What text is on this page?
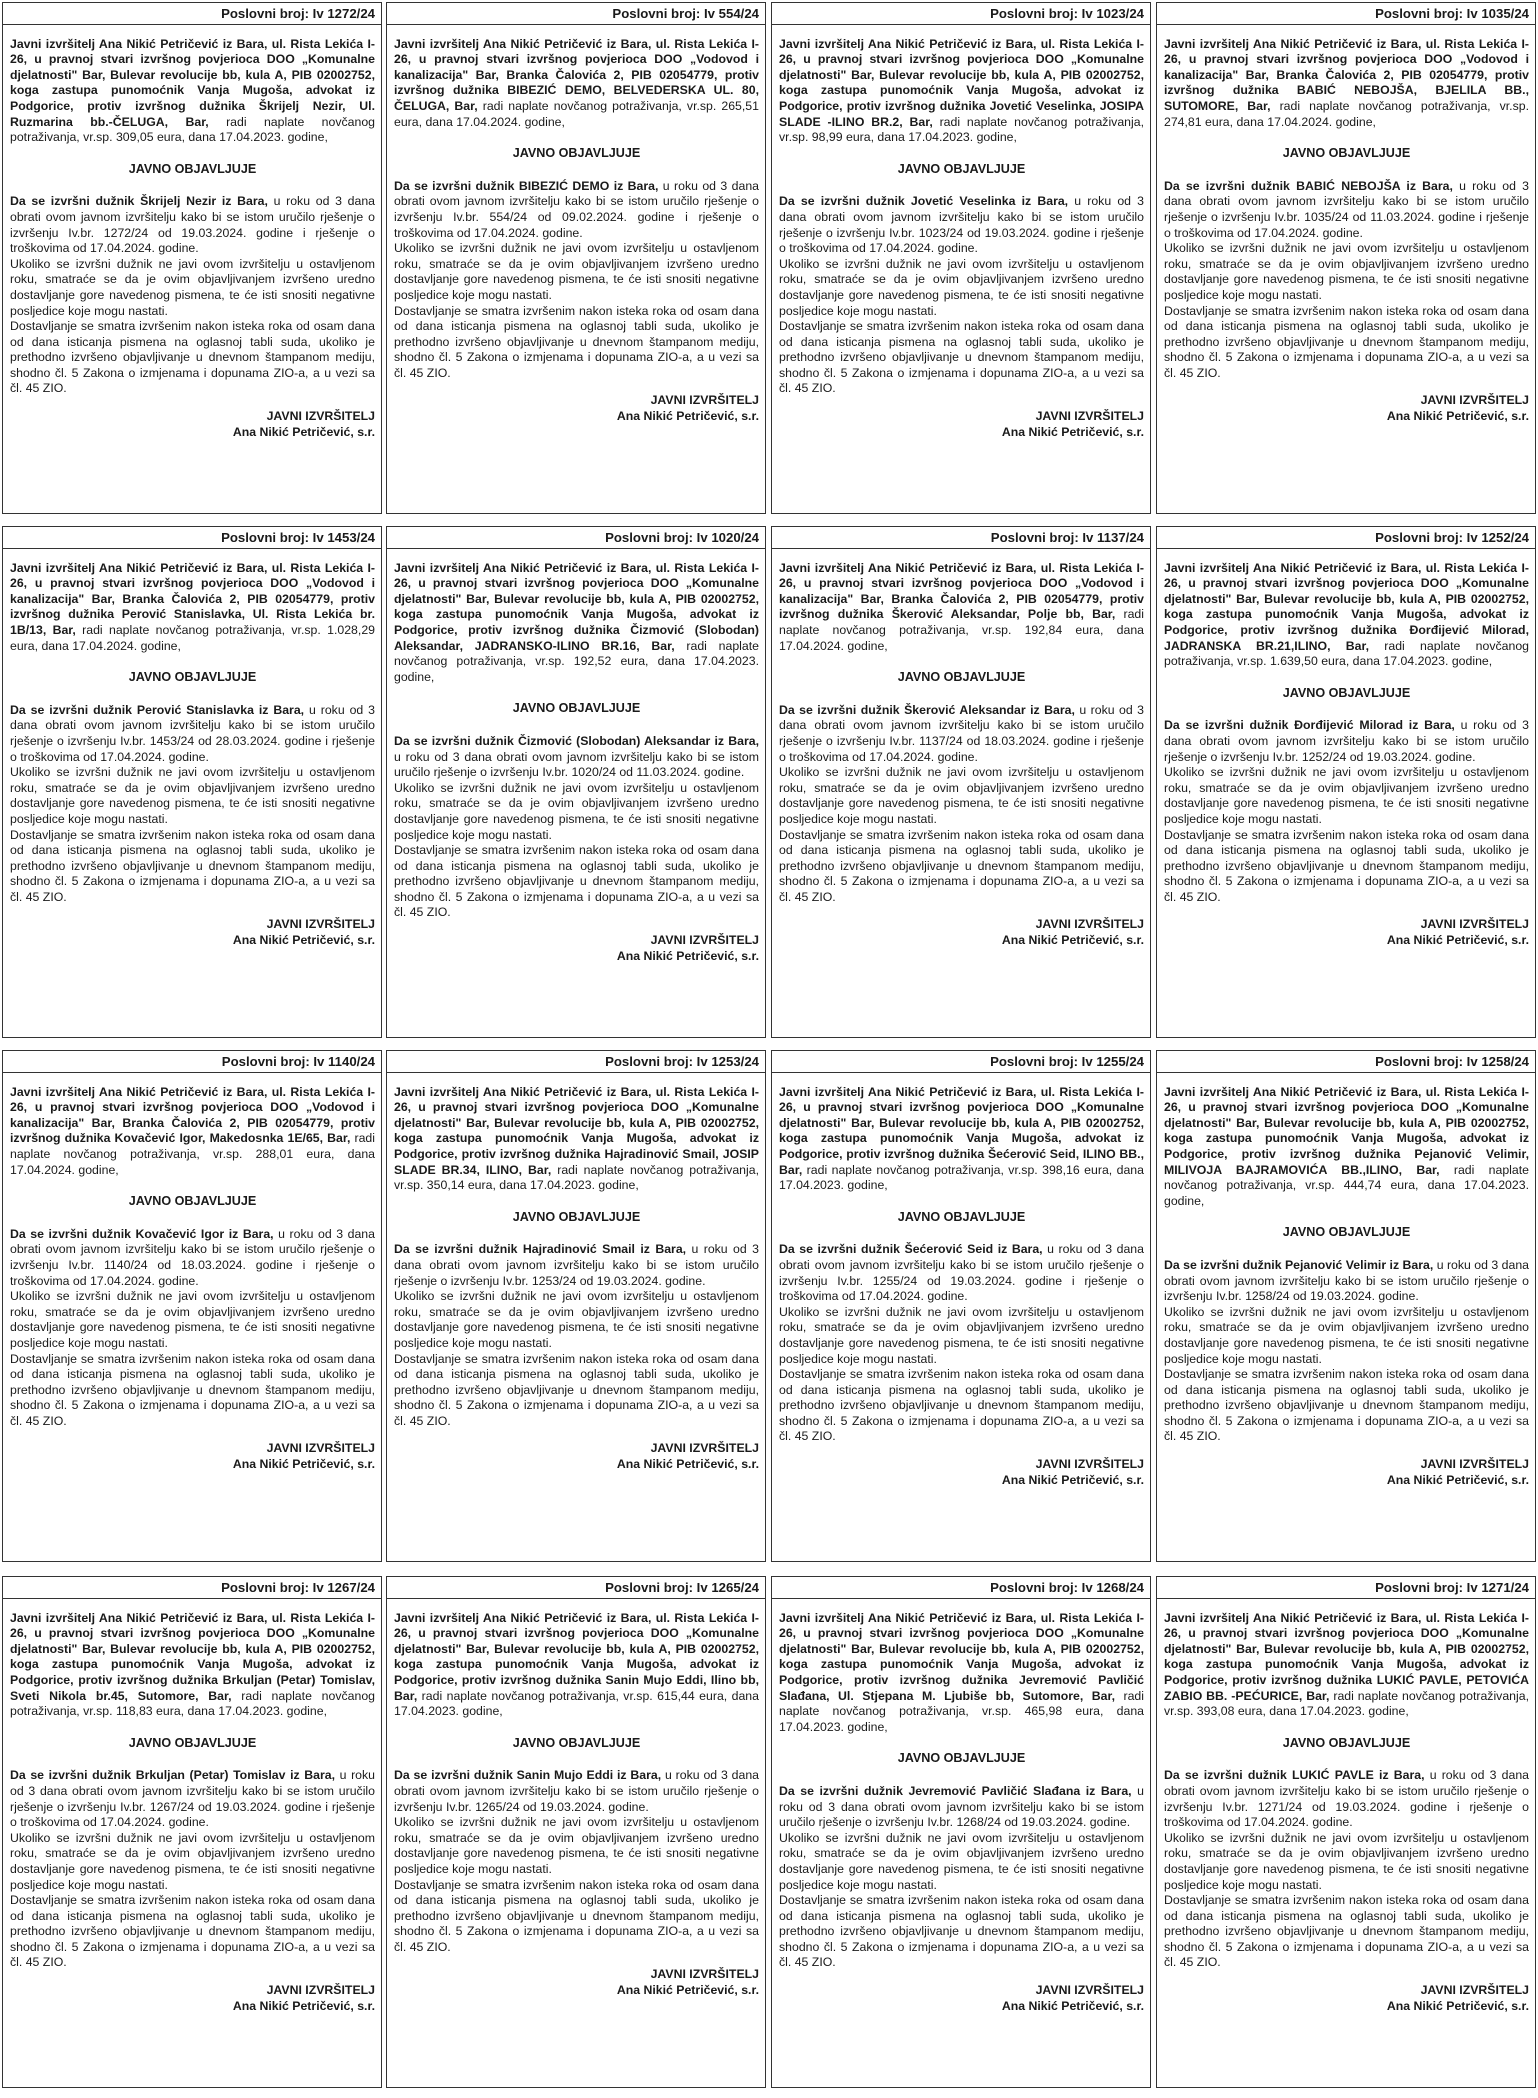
Poslovni broj: Iv 1272/24

Javni izvršitelj Ana Nikić Petričević iz Bara, ul. Rista Lekića I-26, u pravnoj stvari izvršnog povjerioca DOO „Komunalne djelatnosti" Bar, Bulevar revolucije bb, kula A, PIB 02002752, koga zastupa punomoćnik Vanja Mugoša, advokat iz Podgorice, protiv izvršnog dužnika Škrijelj Nezir, Ul. Ruzmarina bb.-ČELUGA, Bar, radi naplate novčanog potraživanja, vr.sp. 309,05 eura, dana 17.04.2023. godine,

JAVNO OBJAVLJUJE

Da se izvršni dužnik Škrijelj Nezir iz Bara, u roku od 3 dana obrati ovom javnom izvršitelju kako bi se istom uručilo rješenje o izvršenju Iv.br. 1272/24 od 19.03.2024. godine i rješenje o troškovima od 17.04.2024. godine.

Ukoliko se izvršni dužnik ne javi ovom izvršitelju u ostavljenom roku, smatraće se da je ovim objavljivanjem izvršeno uredno dostavljanje gore navedenog pismena, te će isti snositi negativne posljedice koje mogu nastati.

Dostavljanje se smatra izvršenim nakon isteka roka od osam dana od dana isticanja pismena na oglasnoj tabli suda, ukoliko je prethodno izvršeno objavljivanje u dnevnom štampanom mediju, shodno čl. 5 Zakona o izmjenama i dopunama ZIO-a, a u vezi sa čl. 45 ZIO.

JAVNI IZVRŠITELJ
Ana Nikić Petričević, s.r.
Poslovni broj: Iv 554/24

Javni izvršitelj Ana Nikić Petričević iz Bara, ul. Rista Lekića I-26, u pravnoj stvari izvršnog povjerioca DOO „Vodovod i kanalizacija" Bar, Branka Čalovića 2, PIB 02054779, protiv izvršnog dužnika BIBEZIĆ DEMO, BELVEDERSKA UL. 80, ČELUGA, Bar, radi naplate novčanog potraživanja, vr.sp. 265,51 eura, dana 17.04.2024. godine,

JAVNO OBJAVLJUJE

Da se izvršni dužnik BIBEZIĆ DEMO iz Bara, u roku od 3 dana obrati ovom javnom izvršitelju kako bi se istom uručilo rješenje o izvršenju Iv.br. 554/24 od 09.02.2024. godine i rješenje o troškovima od 17.04.2024. godine.

Ukoliko se izvršni dužnik ne javi ovom izvršitelju u ostavljenom roku, smatraće se da je ovim objavljivanjem izvršeno uredno dostavljanje gore navedenog pismena, te će isti snositi negativne posljedice koje mogu nastati.

Dostavljanje se smatra izvršenim nakon isteka roka od osam dana od dana isticanja pismena na oglasnoj tabli suda, ukoliko je prethodno izvršeno objavljivanje u dnevnom štampanom mediju, shodno čl. 5 Zakona o izmjenama i dopunama ZIO-a, a u vezi sa čl. 45 ZIO.

JAVNI IZVRŠITELJ
Ana Nikić Petričević, s.r.
Poslovni broj: Iv 1023/24

Javni izvršitelj Ana Nikić Petričević iz Bara, ul. Rista Lekića I-26, u pravnoj stvari izvršnog povjerioca DOO „Komunalne djelatnosti" Bar, Bulevar revolucije bb, kula A, PIB 02002752, koga zastupa punomoćnik Vanja Mugoša, advokat iz Podgorice, protiv izvršnog dužnika Jovetić Veselinka, JOSIPA SLADE -ILINO BR.2, Bar, radi naplate novčanog potraživanja, vr.sp. 98,99 eura, dana 17.04.2023. godine,

JAVNO OBJAVLJUJE

Da se izvršni dužnik Jovetić Veselinka iz Bara, u roku od 3 dana obrati ovom javnom izvršitelju kako bi se istom uručilo rješenje o izvršenju Iv.br. 1023/24 od 19.03.2024. godine i rješenje o troškovima od 17.04.2024. godine.

Ukoliko se izvršni dužnik ne javi ovom izvršitelju u ostavljenom roku, smatraće se da je ovim objavljivanjem izvršeno uredno dostavljanje gore navedenog pismena, te će isti snositi negativne posljedice koje mogu nastati.

Dostavljanje se smatra izvršenim nakon isteka roka od osam dana od dana isticanja pismena na oglasnoj tabli suda, ukoliko je prethodno izvršeno objavljivanje u dnevnom štampanom mediju, shodno čl. 5 Zakona o izmjenama i dopunama ZIO-a, a u vezi sa čl. 45 ZIO.

JAVNI IZVRŠITELJ
Ana Nikić Petričević, s.r.
Poslovni broj: Iv 1035/24

Javni izvršitelj Ana Nikić Petričević iz Bara, ul. Rista Lekića I-26, u pravnoj stvari izvršnog povjerioca DOO „Vodovod i kanalizacija" Bar, Branka Čalovića 2, PIB 02054779, protiv izvršnog dužnika BABIĆ NEBOJŠA, BJELILA BB., SUTOMORE, Bar, radi naplate novčanog potraživanja, vr.sp. 274,81 eura, dana 17.04.2024. godine,

JAVNO OBJAVLJUJE

Da se izvršni dužnik BABIĆ NEBOJŠA iz Bara, u roku od 3 dana obrati ovom javnom izvršitelju kako bi se istom uručilo rješenje o izvršenju Iv.br. 1035/24 od 11.03.2024. godine i rješenje o troškovima od 17.04.2024. godine.

Ukoliko se izvršni dužnik ne javi ovom izvršitelju u ostavljenom roku, smatraće se da je ovim objavljivanjem izvršeno uredno dostavljanje gore navedenog pismena, te će isti snositi negativne posljedice koje mogu nastati.

Dostavljanje se smatra izvršenim nakon isteka roka od osam dana od dana isticanja pismena na oglasnoj tabli suda, ukoliko je prethodno izvršeno objavljivanje u dnevnom štampanom mediju, shodno čl. 5 Zakona o izmjenama i dopunama ZIO-a, a u vezi sa čl. 45 ZIO.

JAVNI IZVRŠITELJ
Ana Nikić Petričević, s.r.
Poslovni broj: Iv 1453/24

Javni izvršitelj Ana Nikić Petričević iz Bara, ul. Rista Lekića I-26, u pravnoj stvari izvršnog povjerioca DOO „Vodovod i kanalizacija" Bar, Branka Čalovića 2, PIB 02054779, protiv izvršnog dužnika Perović Stanislavka, Ul. Rista Lekića br. 1B/13, Bar, radi naplate novčanog potraživanja, vr.sp. 1.028,29 eura, dana 17.04.2024. godine,

JAVNO OBJAVLJUJE

Da se izvršni dužnik Perović Stanislavka iz Bara, u roku od 3 dana obrati ovom javnom izvršitelju kako bi se istom uručilo rješenje o izvršenju Iv.br. 1453/24 od 28.03.2024. godine i rješenje o troškovima od 17.04.2024. godine.

Ukoliko se izvršni dužnik ne javi ovom izvršitelju u ostavljenom roku, smatraće se da je ovim objavljivanjem izvršeno uredno dostavljanje gore navedenog pismena, te će isti snositi negativne posljedice koje mogu nastati.

Dostavljanje se smatra izvršenim nakon isteka roka od osam dana od dana isticanja pismena na oglasnoj tabli suda, ukoliko je prethodno izvršeno objavljivanje u dnevnom štampanom mediju, shodno čl. 5 Zakona o izmjenama i dopunama ZIO-a, a u vezi sa čl. 45 ZIO.

JAVNI IZVRŠITELJ
Ana Nikić Petričević, s.r.
Poslovni broj: Iv 1020/24

Javni izvršitelj Ana Nikić Petričević iz Bara, ul. Rista Lekića I-26, u pravnoj stvari izvršnog povjerioca DOO „Komunalne djelatnosti" Bar, Bulevar revolucije bb, kula A, PIB 02002752, koga zastupa punomoćnik Vanja Mugoša, advokat iz Podgorice, protiv izvršnog dužnika Čizmović (Slobodan) Aleksandar, JADRANSKO-ILINO BR.16, Bar, radi naplate novčanog potraživanja, vr.sp. 192,52 eura, dana 17.04.2023. godine,

JAVNO OBJAVLJUJE

Da se izvršni dužnik Čizmović (Slobodan) Aleksandar iz Bara, u roku od 3 dana obrati ovom javnom izvršitelju kako bi se istom uručilo rješenje o izvršenju Iv.br. 1020/24 od 11.03.2024. godine.

Ukoliko se izvršni dužnik ne javi ovom izvršitelju u ostavljenom roku, smatraće se da je ovim objavljivanjem izvršeno uredno dostavljanje gore navedenog pismena, te će isti snositi negativne posljedice koje mogu nastati.

Dostavljanje se smatra izvršenim nakon isteka roka od osam dana od dana isticanja pismena na oglasnoj tabli suda, ukoliko je prethodno izvršeno objavljivanje u dnevnom štampanom mediju, shodno čl. 5 Zakona o izmjenama i dopunama ZIO-a, a u vezi sa čl. 45 ZIO.

JAVNI IZVRŠITELJ
Ana Nikić Petričević, s.r.
Poslovni broj: Iv 1137/24

Javni izvršitelj Ana Nikić Petričević iz Bara, ul. Rista Lekića I-26, u pravnoj stvari izvršnog povjerioca DOO „Vodovod i kanalizacija" Bar, Branka Čalovića 2, PIB 02054779, protiv izvršnog dužnika Škerović Aleksandar, Polje bb, Bar, radi naplate novčanog potraživanja, vr.sp. 192,84 eura, dana 17.04.2024. godine,

JAVNO OBJAVLJUJE

Da se izvršni dužnik Škerović Aleksandar iz Bara, u roku od 3 dana obrati ovom javnom izvršitelju kako bi se istom uručilo rješenje o izvršenju Iv.br. 1137/24 od 18.03.2024. godine i rješenje o troškovima od 17.04.2024. godine.

Ukoliko se izvršni dužnik ne javi ovom izvršitelju u ostavljenom roku, smatraće se da je ovim objavljivanjem izvršeno uredno dostavljanje gore navedenog pismena, te će isti snositi negativne posljedice koje mogu nastati.

Dostavljanje se smatra izvršenim nakon isteka roka od osam dana od dana isticanja pismena na oglasnoj tabli suda, ukoliko je prethodno izvršeno objavljivanje u dnevnom štampanom mediju, shodno čl. 5 Zakona o izmjenama i dopunama ZIO-a, a u vezi sa čl. 45 ZIO.

JAVNI IZVRŠITELJ
Ana Nikić Petričević, s.r.
Poslovni broj: Iv 1252/24

Javni izvršitelj Ana Nikić Petričević iz Bara, ul. Rista Lekića I-26, u pravnoj stvari izvršnog povjerioca DOO „Komunalne djelatnosti" Bar, Bulevar revolucije bb, kula A, PIB 02002752, koga zastupa punomoćnik Vanja Mugoša, advokat iz Podgorice, protiv izvršnog dužnika Đorđijević Milorad, JADRANSKA BR.21,ILINO, Bar, radi naplate novčanog potraživanja, vr.sp. 1.639,50 eura, dana 17.04.2023. godine,

JAVNO OBJAVLJUJE

Da se izvršni dužnik Đorđijević Milorad iz Bara, u roku od 3 dana obrati ovom javnom izvršitelju kako bi se istom uručilo rješenje o izvršenju Iv.br. 1252/24 od 19.03.2024. godine.

Ukoliko se izvršni dužnik ne javi ovom izvršitelju u ostavljenom roku, smatraće se da je ovim objavljivanjem izvršeno uredno dostavljanje gore navedenog pismena, te će isti snositi negativne posljedice koje mogu nastati.

Dostavljanje se smatra izvršenim nakon isteka roka od osam dana od dana isticanja pismena na oglasnoj tabli suda, ukoliko je prethodno izvršeno objavljivanje u dnevnom štampanom mediju, shodno čl. 5 Zakona o izmjenama i dopunama ZIO-a, a u vezi sa čl. 45 ZIO.

JAVNI IZVRŠITELJ
Ana Nikić Petričević, s.r.
Poslovni broj: Iv 1140/24

Javni izvršitelj Ana Nikić Petričević iz Bara, ul. Rista Lekića I-26, u pravnoj stvari izvršnog povjerioca DOO „Vodovod i kanalizacija" Bar, Branka Čalovića 2, PIB 02054779, protiv izvršnog dužnika Kovačević Igor, Makedosnka 1E/65, Bar, radi naplate novčanog potraživanja, vr.sp. 288,01 eura, dana 17.04.2024. godine,

JAVNO OBJAVLJUJE

Da se izvršni dužnik Kovačević Igor iz Bara, u roku od 3 dana obrati ovom javnom izvršitelju kako bi se istom uručilo rješenje o izvršenju Iv.br. 1140/24 od 18.03.2024. godine i rješenje o troškovima od 17.04.2024. godine.

Ukoliko se izvršni dužnik ne javi ovom izvršitelju u ostavljenom roku, smatraće se da je ovim objavljivanjem izvršeno uredno dostavljanje gore navedenog pismena, te će isti snositi negativne posljedice koje mogu nastati.

Dostavljanje se smatra izvršenim nakon isteka roka od osam dana od dana isticanja pismena na oglasnoj tabli suda, ukoliko je prethodno izvršeno objavljivanje u dnevnom štampanom mediju, shodno čl. 5 Zakona o izmjenama i dopunama ZIO-a, a u vezi sa čl. 45 ZIO.

JAVNI IZVRŠITELJ
Ana Nikić Petričević, s.r.
Poslovni broj: Iv 1253/24

Javni izvršitelj Ana Nikić Petričević iz Bara, ul. Rista Lekića I-26, u pravnoj stvari izvršnog povjerioca DOO „Komunalne djelatnosti" Bar, Bulevar revolucije bb, kula A, PIB 02002752, koga zastupa punomoćnik Vanja Mugoša, advokat iz Podgorice, protiv izvršnog dužnika Hajradinović Smail, JOSIP SLADE BR.34, ILINO, Bar, radi naplate novčanog potraživanja, vr.sp. 350,14 eura, dana 17.04.2023. godine,

JAVNO OBJAVLJUJE

Da se izvršni dužnik Hajradinović Smail iz Bara, u roku od 3 dana obrati ovom javnom izvršitelju kako bi se istom uručilo rješenje o izvršenju Iv.br. 1253/24 od 19.03.2024. godine.

Ukoliko se izvršni dužnik ne javi ovom izvršitelju u ostavljenom roku, smatraće se da je ovim objavljivanjem izvršeno uredno dostavljanje gore navedenog pismena, te će isti snositi negativne posljedice koje mogu nastati.

Dostavljanje se smatra izvršenim nakon isteka roka od osam dana od dana isticanja pismena na oglasnoj tabli suda, ukoliko je prethodno izvršeno objavljivanje u dnevnom štampanom mediju, shodno čl. 5 Zakona o izmjenama i dopunama ZIO-a, a u vezi sa čl. 45 ZIO.

JAVNI IZVRŠITELJ
Ana Nikić Petričević, s.r.
Poslovni broj: Iv 1255/24

Javni izvršitelj Ana Nikić Petričević iz Bara, ul. Rista Lekića I-26, u pravnoj stvari izvršnog povjerioca DOO „Komunalne djelatnosti" Bar, Bulevar revolucije bb, kula A, PIB 02002752, koga zastupa punomoćnik Vanja Mugoša, advokat iz Podgorice, protiv izvršnog dužnika Šećerović Seid, ILINO BB., Bar, radi naplate novčanog potraživanja, vr.sp. 398,16 eura, dana 17.04.2023. godine,

JAVNO OBJAVLJUJE

Da se izvršni dužnik Šećerović Seid iz Bara, u roku od 3 dana obrati ovom javnom izvršitelju kako bi se istom uručilo rješenje o izvršenju Iv.br. 1255/24 od 19.03.2024. godine i rješenje o troškovima od 17.04.2024. godine.

Ukoliko se izvršni dužnik ne javi ovom izvršitelju u ostavljenom roku, smatraće se da je ovim objavljivanjem izvršeno uredno dostavljanje gore navedenog pismena, te će isti snositi negativne posljedice koje mogu nastati.

Dostavljanje se smatra izvršenim nakon isteka roka od osam dana od dana isticanja pismena na oglasnoj tabli suda, ukoliko je prethodno izvršeno objavljivanje u dnevnom štampanom mediju, shodno čl. 5 Zakona o izmjenama i dopunama ZIO-a, a u vezi sa čl. 45 ZIO.

JAVNI IZVRŠITELJ
Ana Nikić Petričević, s.r.
Poslovni broj: Iv 1258/24

Javni izvršitelj Ana Nikić Petričević iz Bara, ul. Rista Lekića I-26, u pravnoj stvari izvršnog povjerioca DOO „Komunalne djelatnosti" Bar, Bulevar revolucije bb, kula A, PIB 02002752, koga zastupa punomoćnik Vanja Mugoša, advokat iz Podgorice, protiv izvršnog dužnika Pejanović Velimir, MILIVOJA BAJRAMOVIĆA BB.,ILINO, Bar, radi naplate novčanog potraživanja, vr.sp. 444,74 eura, dana 17.04.2023. godine,

JAVNO OBJAVLJUJE

Da se izvršni dužnik Pejanović Velimir iz Bara, u roku od 3 dana obrati ovom javnom izvršitelju kako bi se istom uručilo rješenje o izvršenju Iv.br. 1258/24 od 19.03.2024. godine.

Ukoliko se izvršni dužnik ne javi ovom izvršitelju u ostavljenom roku, smatraće se da je ovim objavljivanjem izvršeno uredno dostavljanje gore navedenog pismena, te će isti snositi negativne posljedice koje mogu nastati.

Dostavljanje se smatra izvršenim nakon isteka roka od osam dana od dana isticanja pismena na oglasnoj tabli suda, ukoliko je prethodno izvršeno objavljivanje u dnevnom štampanom mediju, shodno čl. 5 Zakona o izmjenama i dopunama ZIO-a, a u vezi sa čl. 45 ZIO.

JAVNI IZVRŠITELJ
Ana Nikić Petričević, s.r.
Poslovni broj: Iv 1267/24

Javni izvršitelj Ana Nikić Petričević iz Bara, ul. Rista Lekića I-26, u pravnoj stvari izvršnog povjerioca DOO „Komunalne djelatnosti" Bar, Bulevar revolucije bb, kula A, PIB 02002752, koga zastupa punomoćnik Vanja Mugoša, advokat iz Podgorice, protiv izvršnog dužnika Brkuljan (Petar) Tomislav, Sveti Nikola br.45, Sutomore, Bar, radi naplate novčanog potraživanja, vr.sp. 118,83 eura, dana 17.04.2023. godine,

JAVNO OBJAVLJUJE

Da se izvršni dužnik Brkuljan (Petar) Tomislav iz Bara, u roku od 3 dana obrati ovom javnom izvršitelju kako bi se istom uručilo rješenje o izvršenju Iv.br. 1267/24 od 19.03.2024. godine i rješenje o troškovima od 17.04.2024. godine.

Ukoliko se izvršni dužnik ne javi ovom izvršitelju u ostavljenom roku, smatraće se da je ovim objavljivanjem izvršeno uredno dostavljanje gore navedenog pismena, te će isti snositi negativne posljedice koje mogu nastati.

Dostavljanje se smatra izvršenim nakon isteka roka od osam dana od dana isticanja pismena na oglasnoj tabli suda, ukoliko je prethodno izvršeno objavljivanje u dnevnom štampanom mediju, shodno čl. 5 Zakona o izmjenama i dopunama ZIO-a, a u vezi sa čl. 45 ZIO.

JAVNI IZVRŠITELJ
Ana Nikić Petričević, s.r.
Poslovni broj: Iv 1265/24

Javni izvršitelj Ana Nikić Petričević iz Bara, ul. Rista Lekića I-26, u pravnoj stvari izvršnog povjerioca DOO „Komunalne djelatnosti" Bar, Bulevar revolucije bb, kula A, PIB 02002752, koga zastupa punomoćnik Vanja Mugoša, advokat iz Podgorice, protiv izvršnog dužnika Sanin Mujo Eddi, Ilino bb, Bar, radi naplate novčanog potraživanja, vr.sp. 615,44 eura, dana 17.04.2023. godine,

JAVNO OBJAVLJUJE

Da se izvršni dužnik Sanin Mujo Eddi iz Bara, u roku od 3 dana obrati ovom javnom izvršitelju kako bi se istom uručilo rješenje o izvršenju Iv.br. 1265/24 od 19.03.2024. godine.

Ukoliko se izvršni dužnik ne javi ovom izvršitelju u ostavljenom roku, smatraće se da je ovim objavljivanjem izvršeno uredno dostavljanje gore navedenog pismena, te će isti snositi negativne posljedice koje mogu nastati.

Dostavljanje se smatra izvršenim nakon isteka roka od osam dana od dana isticanja pismena na oglasnoj tabli suda, ukoliko je prethodno izvršeno objavljivanje u dnevnom štampanom mediju, shodno čl. 5 Zakona o izmjenama i dopunama ZIO-a, a u vezi sa čl. 45 ZIO.

JAVNI IZVRŠITELJ
Ana Nikić Petričević, s.r.
Poslovni broj: Iv 1268/24

Javni izvršitelj Ana Nikić Petričević iz Bara, ul. Rista Lekića I-26, u pravnoj stvari izvršnog povjerioca DOO „Komunalne djelatnosti" Bar, Bulevar revolucije bb, kula A, PIB 02002752, koga zastupa punomoćnik Vanja Mugoša, advokat iz Podgorice, protiv izvršnog dužnika Jevremović Pavličić Slađana, Ul. Stjepana M. Ljubiše bb, Sutomore, Bar, radi naplate novčanog potraživanja, vr.sp. 465,98 eura, dana 17.04.2023. godine,

JAVNO OBJAVLJUJE

Da se izvršni dužnik Jevremović Pavličić Slađana iz Bara, u roku od 3 dana obrati ovom javnom izvršitelju kako bi se istom uručilo rješenje o izvršenju Iv.br. 1268/24 od 19.03.2024. godine.

Ukoliko se izvršni dužnik ne javi ovom izvršitelju u ostavljenom roku, smatraće se da je ovim objavljivanjem izvršeno uredno dostavljanje gore navedenog pismena, te će isti snositi negativne posljedice koje mogu nastati.

Dostavljanje se smatra izvršenim nakon isteka roka od osam dana od dana isticanja pismena na oglasnoj tabli suda, ukoliko je prethodno izvršeno objavljivanje u dnevnom štampanom mediju, shodno čl. 5 Zakona o izmjenama i dopunama ZIO-a, a u vezi sa čl. 45 ZIO.

JAVNI IZVRŠITELJ
Ana Nikić Petričević, s.r.
Poslovni broj: Iv 1271/24

Javni izvršitelj Ana Nikić Petričević iz Bara, ul. Rista Lekića I-26, u pravnoj stvari izvršnog povjerioca DOO „Komunalne djelatnosti" Bar, Bulevar revolucije bb, kula A, PIB 02002752, koga zastupa punomoćnik Vanja Mugoša, advokat iz Podgorice, protiv izvršnog dužnika LUKIĆ PAVLE, PETOVIĆA ZABIO BB. -PEĆURICE, Bar, radi naplate novčanog potraživanja, vr.sp. 393,08 eura, dana 17.04.2023. godine,

JAVNO OBJAVLJUJE

Da se izvršni dužnik LUKIĆ PAVLE iz Bara, u roku od 3 dana obrati ovom javnom izvršitelju kako bi se istom uručilo rješenje o izvršenju Iv.br. 1271/24 od 19.03.2024. godine i rješenje o troškovima od 17.04.2024. godine.

Ukoliko se izvršni dužnik ne javi ovom izvršitelju u ostavljenom roku, smatraće se da je ovim objavljivanjem izvršeno uredno dostavljanje gore navedenog pismena, te će isti snositi negativne posljedice koje mogu nastati.

Dostavljanje se smatra izvršenim nakon isteka roka od osam dana od dana isticanja pismena na oglasnoj tabli suda, ukoliko je prethodno izvršeno objavljivanje u dnevnom štampanom mediju, shodno čl. 5 Zakona o izmjenama i dopunama ZIO-a, a u vezi sa čl. 45 ZIO.

JAVNI IZVRŠITELJ
Ana Nikić Petričević, s.r.
